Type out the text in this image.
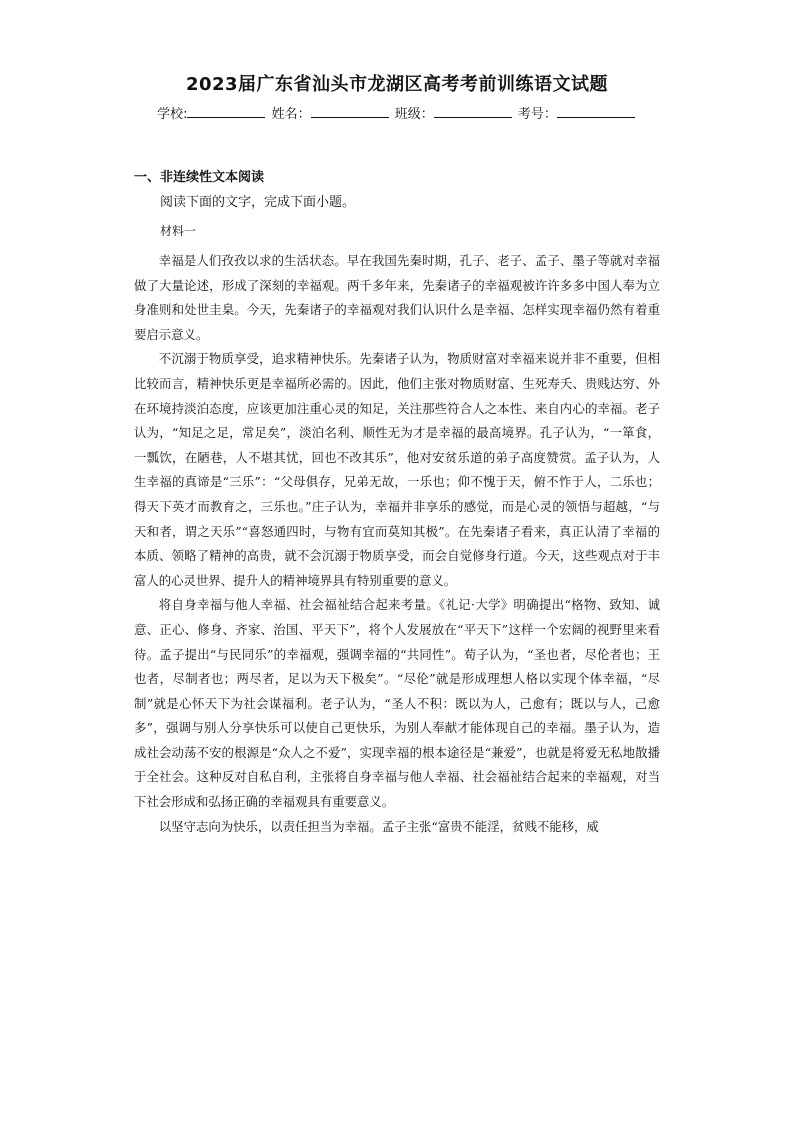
2023届广东省汕头市龙湖区高考考前训练语文试题
学校:	姓名：	班级：	考号：
一、非连续性文本阅读
阅读下面的文字，完成下面小题。
材料一

幸福是人们孜孜以求的生活状态。早在我国先秦时期，孔子、老子、孟子、墨子等就对幸福做了大量论述，形成了深刻的幸福观。两千多年来，先秦诸子的幸福观被许许多多中国人奉为立身准则和处世圭臬。今天，先秦诸子的幸福观对我们认识什么是幸福、怎样实现幸福仍然有着重要启示意义。

不沉溺于物质享受，追求精神快乐。先秦诸子认为，物质财富对幸福来说并非不重要，但相比较而言，精神快乐更是幸福所必需的。因此，他们主张对物质财富、生死寿夭、贵贱达穷、外在环境持淡泊态度，应该更加注重心灵的知足，关注那些符合人之本性、来自内心的幸福。老子认为，“知足之足，常足矣”，淡泊名利、顺性无为才是幸福的最高境界。孔子认为，“一箪食，一瓢饮，在陋巷，人不堪其忧，回也不改其乐”，他对安贫乐道的弟子高度赞赏。孟子认为，人生幸福的真谛是“三乐”：“父母俱存，兄弟无故，一乐也；仰不愧于天，俯不怍于人，二乐也；得天下英才而教育之，三乐也。”庄子认为，幸福并非享乐的感觉，而是心灵的领悟与超越，“与天和者，谓之天乐”“喜怒通四时，与物有宜而莫知其极”。在先秦诸子看来，真正认清了幸福的本质、领略了精神的高贵，就不会沉溺于物质享受，而会自觉修身行道。今天，这些观点对于丰富人的心灵世界、提升人的精神境界具有特别重要的意义。

将自身幸福与他人幸福、社会福祉结合起来考量。《礼记·大学》明确提出“格物、致知、诚意、正心、修身、齐家、治国、平天下”，将个人发展放在“平天下”这样一个宏阔的视野里来看待。孟子提出“与民同乐”的幸福观，强调幸福的“共同性”。荀子认为，“圣也者，尽伦者也；王也者，尽制者也；两尽者，足以为天下极矣”。“尽伦”就是形成理想人格以实现个体幸福，“尽制”就是心怀天下为社会谋福利。老子认为，“圣人不积：既以为人，己愈有；既以与人，己愈多”，强调与别人分享快乐可以使自己更快乐，为别人奉献才能体现自己的幸福。墨子认为，造成社会动荡不安的根源是“众人之不爱”，实现幸福的根本途径是“兼爱”，也就是将爱无私地散播于全社会。这种反对自私自利，主张将自身幸福与他人幸福、社会福祉结合起来的幸福观，对当下社会形成和弘扬正确的幸福观具有重要意义。

以坚守志向为快乐，以责任担当为幸福。孟子主张“富贵不能淫，贫贱不能移，威
